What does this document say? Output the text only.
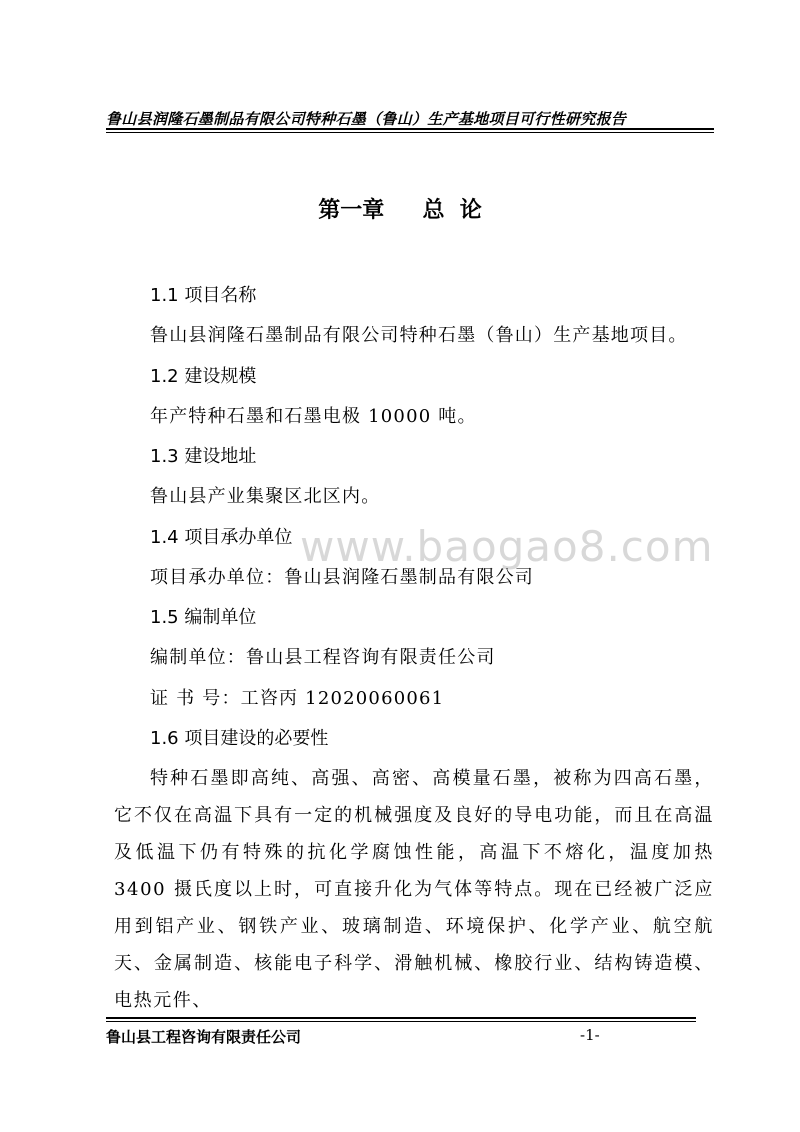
鲁山县润隆石墨制品有限公司特种石墨（鲁山）生产基地项目可行性研究报告
第一章     总  论
1.1 项目名称
鲁山县润隆石墨制品有限公司特种石墨（鲁山）生产基地项目。
1.2 建设规模
年产特种石墨和石墨电极 10000 吨。
1.3 建设地址
鲁山县产业集聚区北区内。
www.baogao8.com
1.4 项目承办单位
项目承办单位：鲁山县润隆石墨制品有限公司
1.5 编制单位
编制单位：鲁山县工程咨询有限责任公司
证 书 号：工咨丙 12020060061
1.6 项目建设的必要性
特种石墨即高纯、高强、高密、高模量石墨，被称为四高石墨，它不仅在高温下具有一定的机械强度及良好的导电功能，而且在高温及低温下仍有特殊的抗化学腐蚀性能，高温下不熔化，温度加热 3400 摄氏度以上时，可直接升化为气体等特点。现在已经被广泛应用到铝产业、钢铁产业、玻璃制造、环境保护、化学产业、航空航天、金属制造、核能电子科学、滑触机械、橡胶行业、结构铸造模、电热元件、
鲁山县工程咨询有限责任公司	-1-
